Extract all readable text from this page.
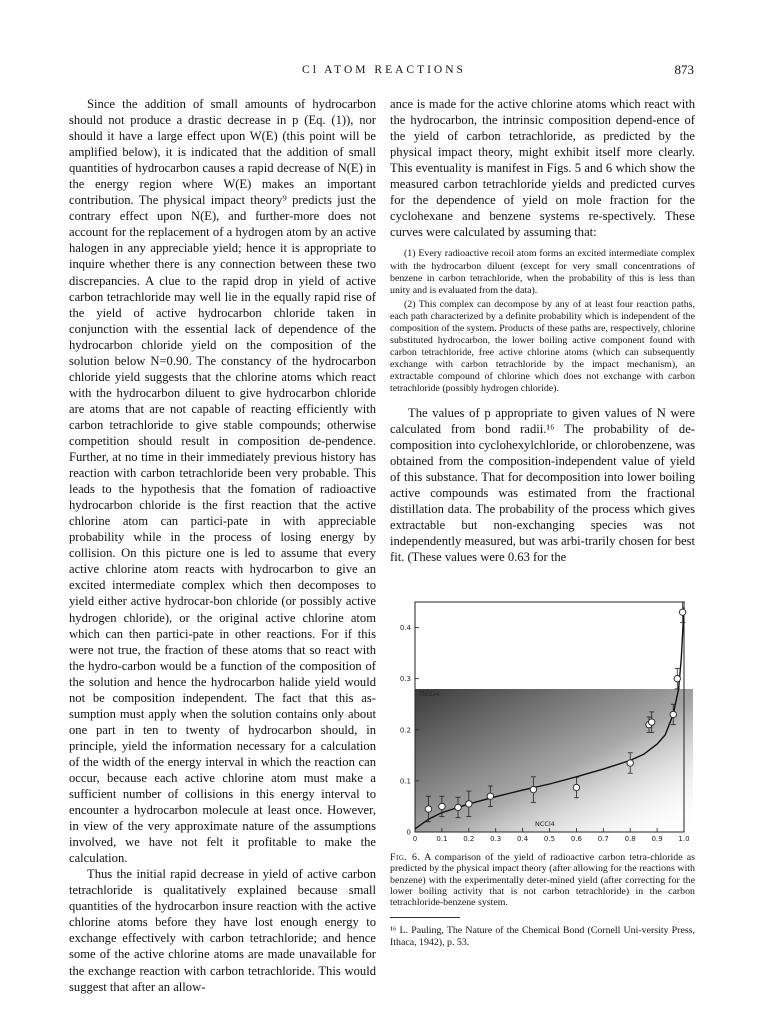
Cl ATOM REACTIONS	873

Since the addition of small amounts of hydrocarbon should not produce a drastic decrease in p (Eq. (1)), nor should it have a large effect upon W(E) (this point will be amplified below), it is indicated that the addition of small quantities of hydrocarbon causes a rapid decrease of N(E) in the energy region where W(E) makes an important contribution. The physical impact theory⁹ predicts just the contrary effect upon N(E), and further-more does not account for the replacement of a hydrogen atom by an active halogen in any appreciable yield; hence it is appropriate to inquire whether there is any connection between these two discrepancies. A clue to the rapid drop in yield of active carbon tetrachloride may well lie in the equally rapid rise of the yield of active hydrocarbon chloride taken in conjunction with the essential lack of dependence of the hydrocarbon chloride yield on the composition of the solution below N=0.90. The constancy of the hydrocarbon chloride yield suggests that the chlorine atoms which react with the hydrocarbon diluent to give hydrocarbon chloride are atoms that are not capable of reacting efficiently with carbon tetrachloride to give stable compounds; otherwise competition should result in composition de-pendence. Further, at no time in their immediately previous history has reaction with carbon tetrachloride been very probable. This leads to the hypothesis that the fomation of radioactive hydrocarbon chloride is the first reaction that the active chlorine atom can partici-pate in with appreciable probability while in the process of losing energy by collision. On this picture one is led to assume that every active chlorine atom reacts with hydrocarbon to give an excited intermediate complex which then decomposes to yield either active hydrocar-bon chloride (or possibly active hydrogen chloride), or the original active chlorine atom which can then partici-pate in other reactions. For if this were not true, the fraction of these atoms that so react with the hydro-carbon would be a function of the composition of the solution and hence the hydrocarbon halide yield would not be composition independent. The fact that this as-sumption must apply when the solution contains only about one part in ten to twenty of hydrocarbon should, in principle, yield the information necessary for a calculation of the width of the energy interval in which the reaction can occur, because each active chlorine atom must make a sufficient number of collisions in this energy interval to encounter a hydrocarbon molecule at least once. However, in view of the very approximate nature of the assumptions involved, we have not felt it profitable to make the calculation.

Thus the initial rapid decrease in yield of active carbon tetrachloride is qualitatively explained because small quantities of the hydrocarbon insure reaction with the active chlorine atoms before they have lost enough energy to exchange effectively with carbon tetrachloride; and hence some of the active chlorine atoms are made unavailable for the exchange reaction with carbon tetrachloride. This would suggest that after an allow-

ance is made for the active chlorine atoms which react with the hydrocarbon, the intrinsic composition depend-ence of the yield of carbon tetrachloride, as predicted by the physical impact theory, might exhibit itself more clearly. This eventuality is manifest in Figs. 5 and 6 which show the measured carbon tetrachloride yields and predicted curves for the dependence of yield on mole fraction for the cyclohexane and benzene systems re-spectively. These curves were calculated by assuming that:

(1) Every radioactive recoil atom forms an excited intermediate complex with the hydrocarbon diluent (except for very small concentrations of benzene in carbon tetrachloride, when the probability of this is less than unity and is evaluated from the data).

(2) This complex can decompose by any of at least four reaction paths, each path characterized by a definite probability which is independent of the composition of the system. Products of these paths are, respectively, chlorine substituted hydrocarbon, the lower boiling active component found with carbon tetrachloride, free active chlorine atoms (which can subsequently exchange with carbon tetrachloride by the impact mechanism), an extractable compound of chlorine which does not exchange with carbon tetrachloride (possibly hydrogen chloride).

The values of p appropriate to given values of N were calculated from bond radii.¹⁶ The probability of de-composition into cyclohexylchloride, or chlorobenzene, was obtained from the composition-independent value of yield of this substance. That for decomposition into lower boiling active compounds was estimated from the fractional distillation data. The probability of the process which gives extractable but non-exchanging species was not independently measured, but was arbi-trarily chosen for best fit. (These values were 0.63 for the

0	0.1 0.2 0.3 0.4 0.5 0.6 0.7 0.8 0.9 1.0
0
0.1
0.2
0.3
0.4
ΠCCl4
NCCl4
Fig. 6. A comparison of the yield of radioactive carbon tetra-chloride as predicted by the physical impact theory (after allowing for the reactions with benzene) with the experimentally deter-mined yield (after correcting for the lower boiling activity that is not carbon tetrachloride) in the carbon tetrachloride-benzene system.
¹⁶ L. Pauling, The Nature of the Chemical Bond (Cornell Uni-versity Press, Ithaca, 1942), p. 53.
